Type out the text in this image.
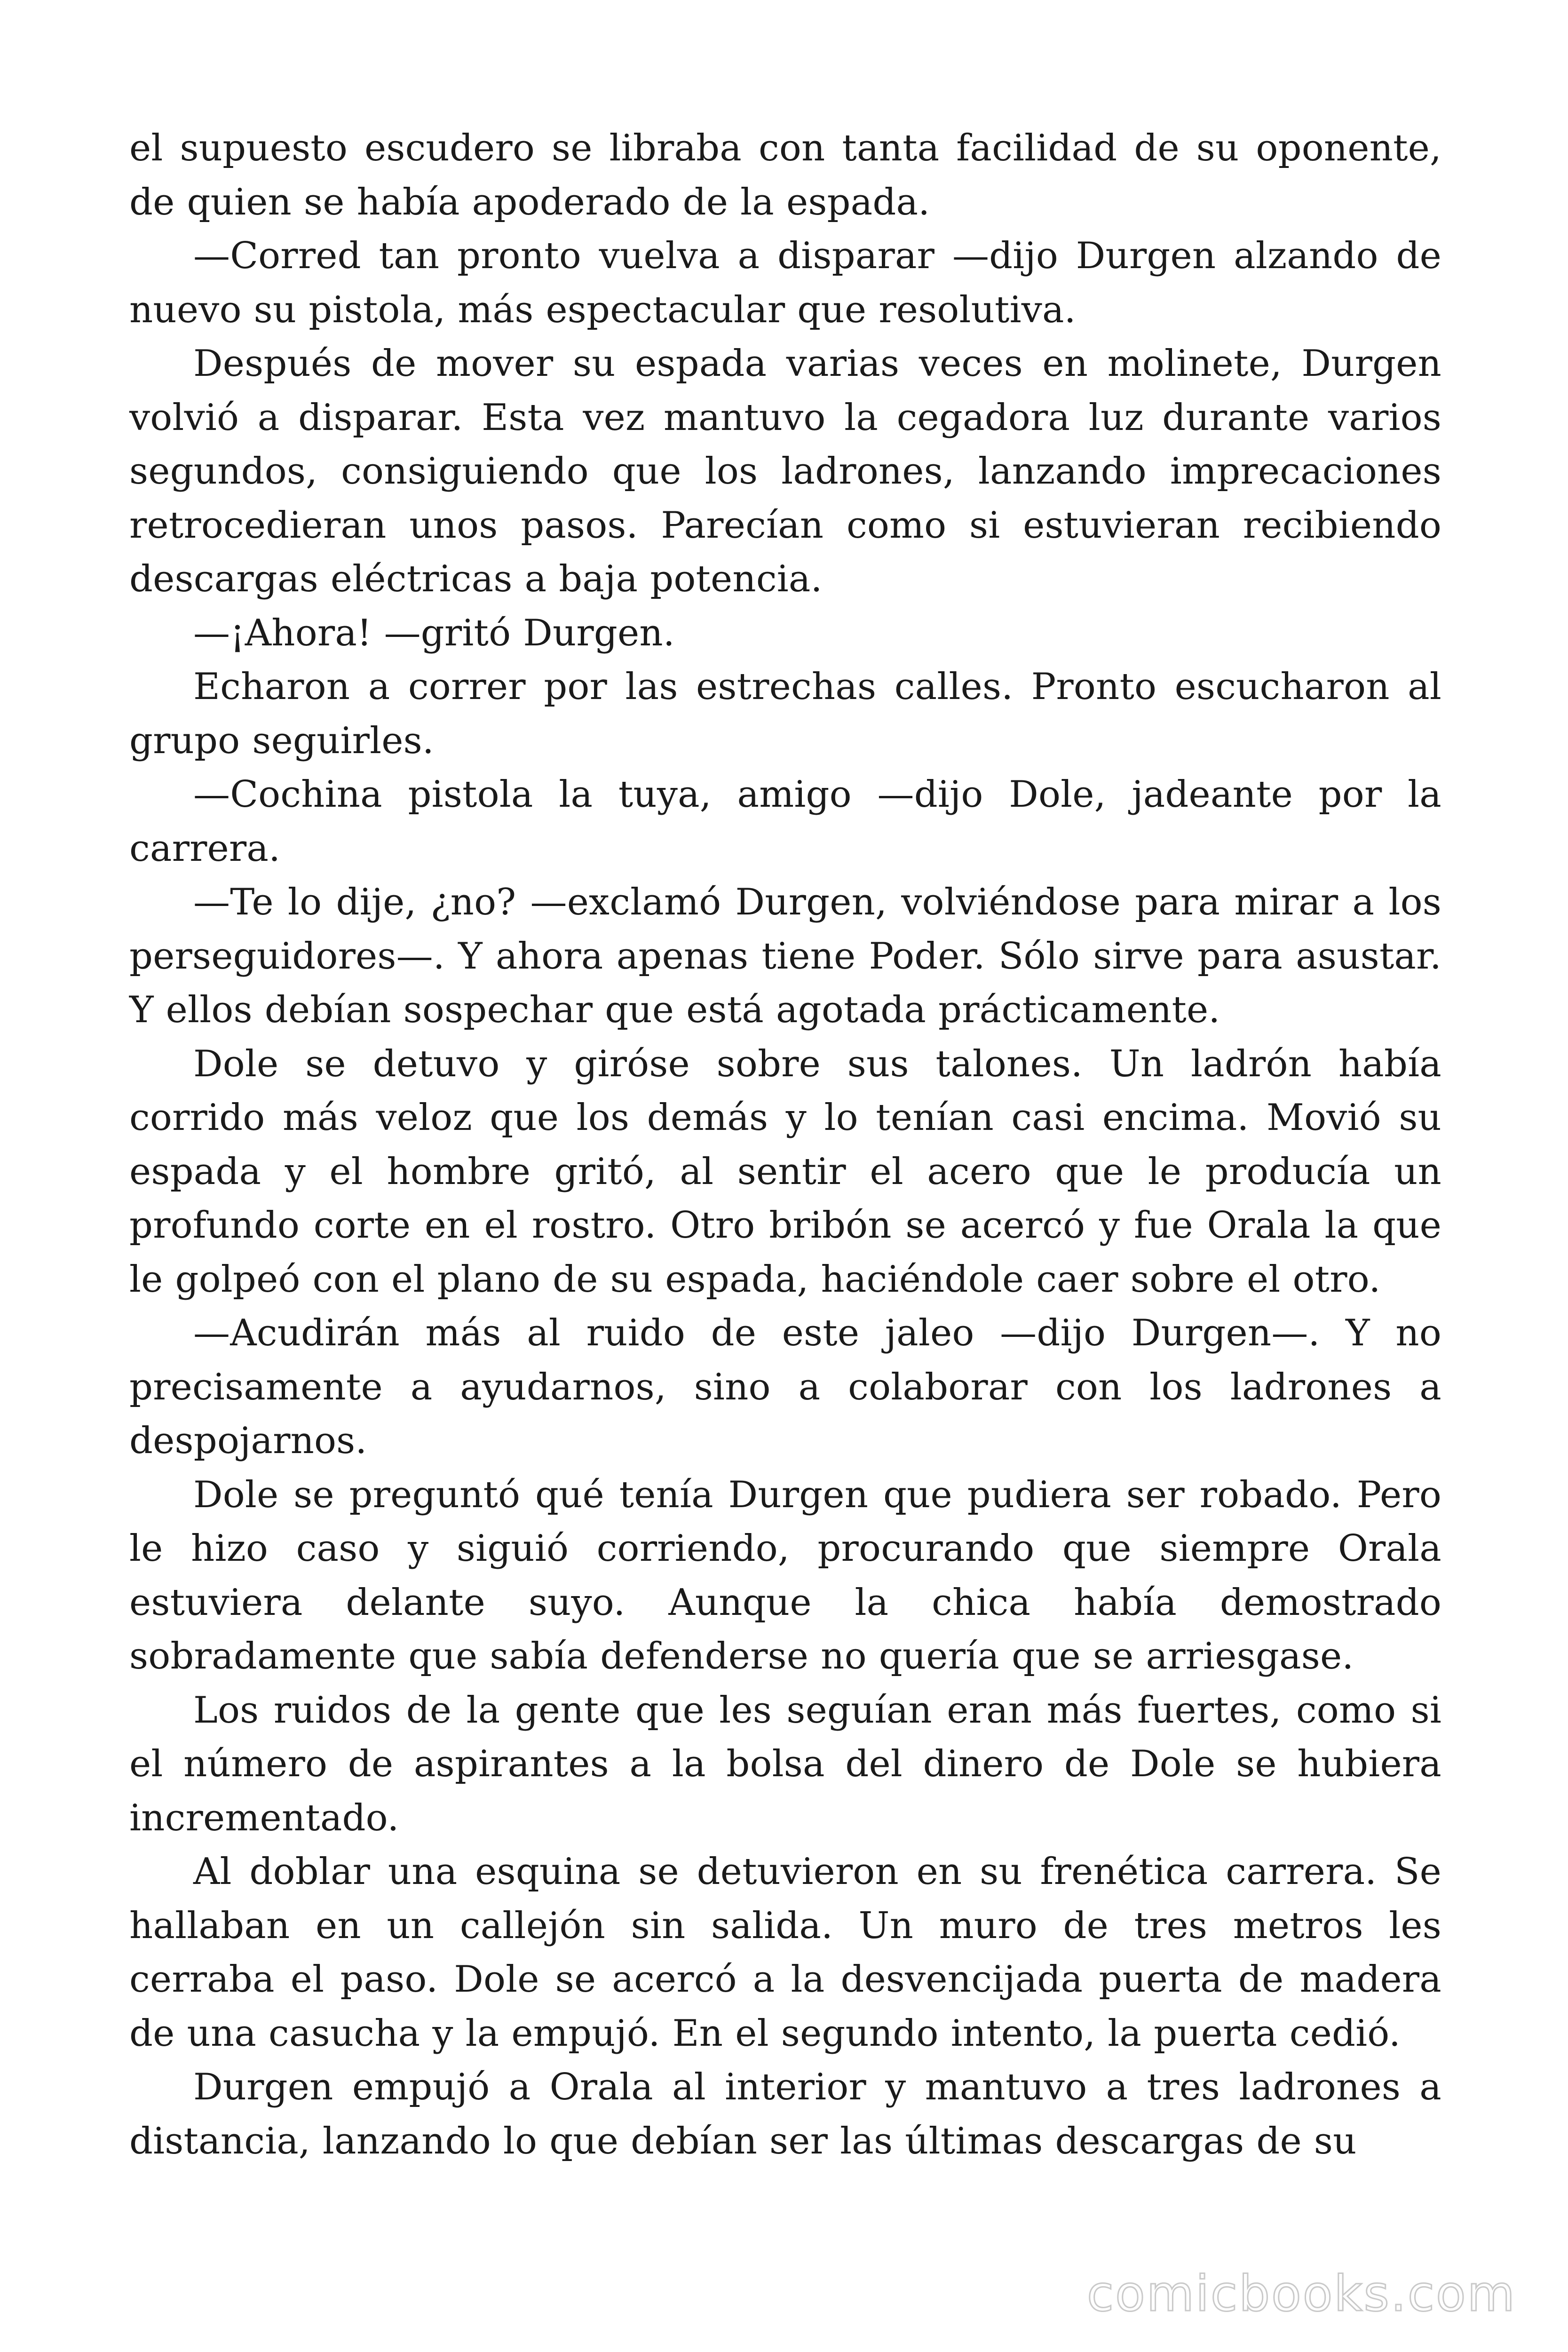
el supuesto escudero se libraba con tanta facilidad de su oponente, de quien se había apoderado de la espada.

—Corred tan pronto vuelva a disparar —dijo Durgen alzando de nuevo su pistola, más espectacular que resolutiva.

Después de mover su espada varias veces en molinete, Durgen volvió a disparar. Esta vez mantuvo la cegadora luz durante varios segundos, consiguiendo que los ladrones, lanzando imprecaciones retrocedieran unos pasos. Parecían como si estuvieran recibiendo descargas eléctricas a baja potencia.

—¡Ahora! —gritó Durgen.

Echaron a correr por las estrechas calles. Pronto escucharon al grupo seguirles.

—Cochina pistola la tuya, amigo —dijo Dole, jadeante por la carrera.

—Te lo dije, ¿no? —exclamó Durgen, volviéndose para mirar a los perseguidores—. Y ahora apenas tiene Poder. Sólo sirve para asustar. Y ellos debían sospechar que está agotada prácticamente.

Dole se detuvo y giróse sobre sus talones. Un ladrón había corrido más veloz que los demás y lo tenían casi encima. Movió su espada y el hombre gritó, al sentir el acero que le producía un profundo corte en el rostro. Otro bribón se acercó y fue Orala la que le golpeó con el plano de su espada, haciéndole caer sobre el otro.

—Acudirán más al ruido de este jaleo —dijo Durgen—. Y no precisamente a ayudarnos, sino a colaborar con los ladrones a despojarnos.

Dole se preguntó qué tenía Durgen que pudiera ser robado. Pero le hizo caso y siguió corriendo, procurando que siempre Orala estuviera delante suyo. Aunque la chica había demostrado sobradamente que sabía defenderse no quería que se arriesgase.

Los ruidos de la gente que les seguían eran más fuertes, como si el número de aspirantes a la bolsa del dinero de Dole se hubiera incrementado.

Al doblar una esquina se detuvieron en su frenética carrera. Se hallaban en un callejón sin salida. Un muro de tres metros les cerraba el paso. Dole se acercó a la desvencijada puerta de madera de una casucha y la empujó. En el segundo intento, la puerta cedió.

Durgen empujó a Orala al interior y mantuvo a tres ladrones a distancia, lanzando lo que debían ser las últimas descargas de su

comicbooks.com
